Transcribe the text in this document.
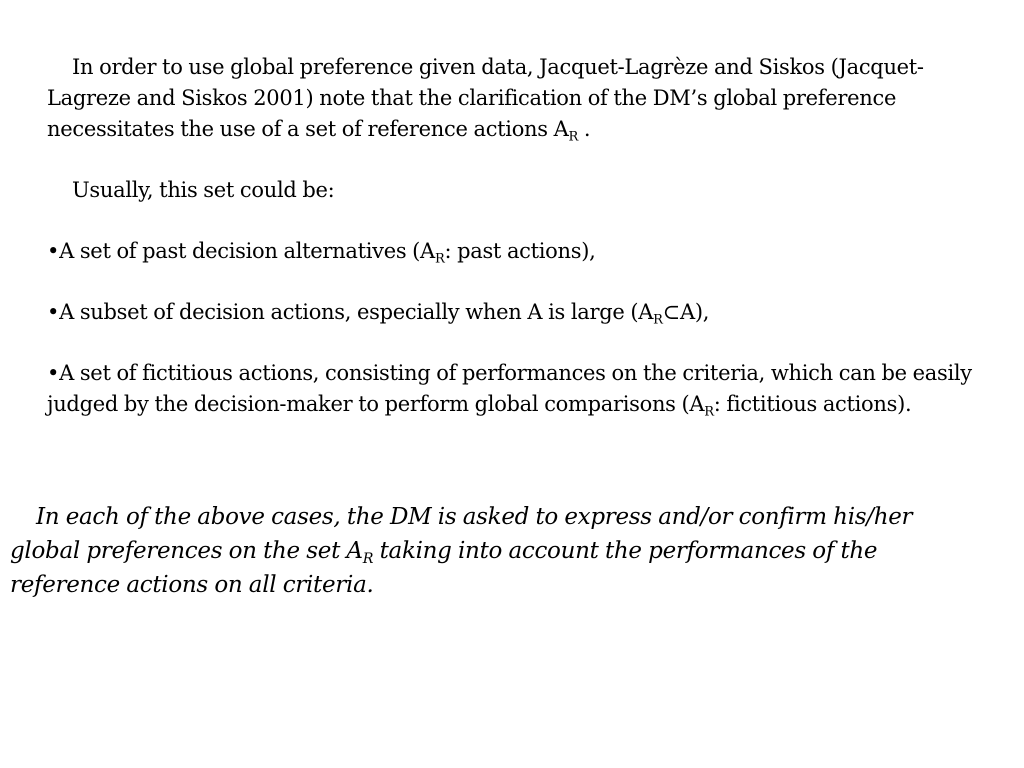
In order to use global preference given data, Jacquet-Lagrèze and Siskos (Jacquet-Lagreze and Siskos 2001) note that the clarification of the DM’s global preference necessitates the use of a set of reference actions $A_R$ .

Usually, this set could be:

•A set of past decision alternatives ($A_R$: past actions),

•A subset of decision actions, especially when A is large $(A_R\subset A)$,

•A set of fictitious actions, consisting of performances on the criteria, which can be easily judged by the decision-maker to perform global comparisons ($A_R$: fictitious actions).

In each of the above cases, the DM is asked to express and/or confirm his/her global preferences on the set $A_R$ taking into account the performances of the reference actions on all criteria.
